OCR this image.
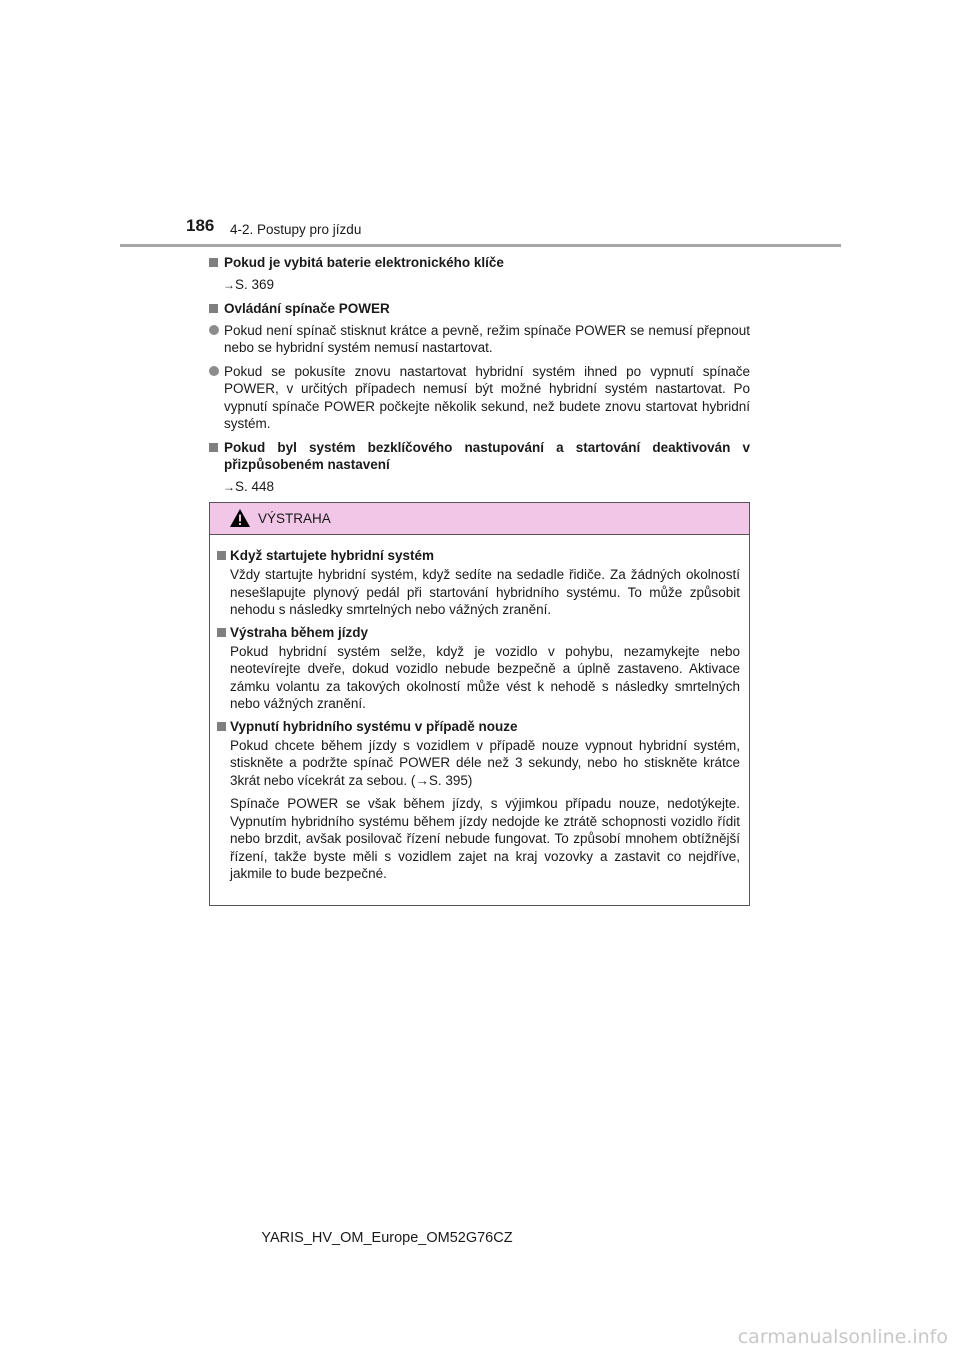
186 4-2. Postupy pro jízdu
Pokud je vybitá baterie elektronického klíče
→S. 369
Ovládání spínače POWER
Pokud není spínač stisknut krátce a pevně, režim spínače POWER se nemusí přepnout nebo se hybridní systém nemusí nastartovat.
Pokud se pokusíte znovu nastartovat hybridní systém ihned po vypnutí spínače POWER, v určitých případech nemusí být možné hybridní systém nastartovat. Po vypnutí spínače POWER počkejte několik sekund, než budete znovu startovat hybridní systém.
Pokud byl systém bezklíčového nastupování a startování deaktivován v přizpůsobeném nastavení
→S. 448
VÝSTRAHA
Když startujete hybridní systém
Vždy startujte hybridní systém, když sedíte na sedadle řidiče. Za žádných okolností nesešlapujte plynový pedál při startování hybridního systému. To může způsobit nehodu s následky smrtelných nebo vážných zranění.
Výstraha během jízdy
Pokud hybridní systém selže, když je vozidlo v pohybu, nezamykejte nebo neotevírejte dveře, dokud vozidlo nebude bezpečně a úplně zastaveno. Aktivace zámku volantu za takových okolností může vést k nehodě s následky smrtelných nebo vážných zranění.
Vypnutí hybridního systému v případě nouze
Pokud chcete během jízdy s vozidlem v případě nouze vypnout hybridní systém, stiskněte a podržte spínač POWER déle než 3 sekundy, nebo ho stiskněte krátce 3krát nebo vícekrát za sebou. (→S. 395)
Spínače POWER se však během jízdy, s výjimkou případu nouze, nedotýkejte. Vypnutím hybridního systému během jízdy nedojde ke ztrátě schopnosti vozidlo řídit nebo brzdit, avšak posilovač řízení nebude fungovat. To způsobí mnohem obtížnější řízení, takže byste měli s vozidlem zajet na kraj vozovky a zastavit co nejdříve, jakmile to bude bezpečné.
YARIS_HV_OM_Europe_OM52G76CZ
carmanualsonline.info
